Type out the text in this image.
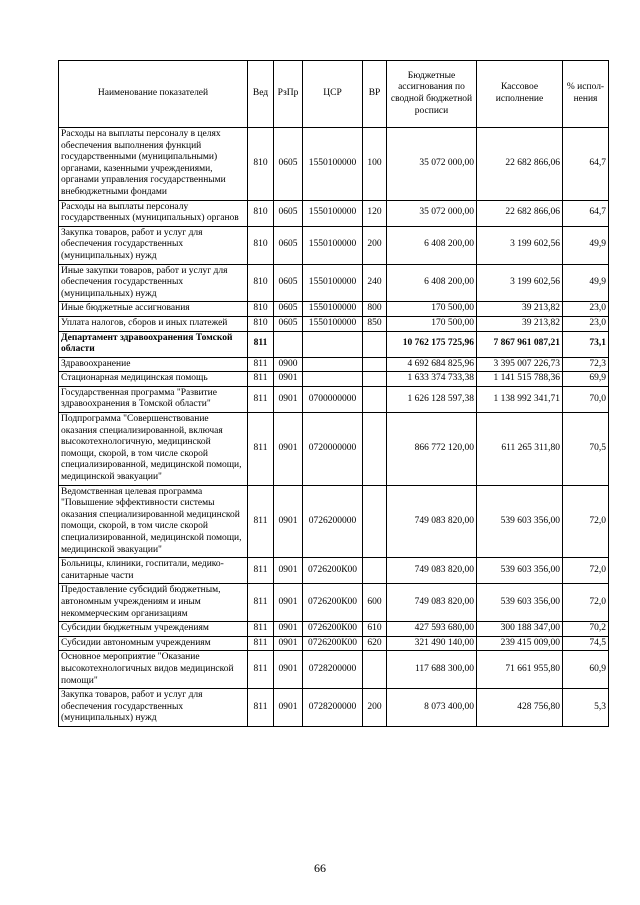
Наименование показателей	Вед	РзПр	ЦСР	ВР	Бюджетные ассигнования по сводной бюджетной росписи	Кассовое исполнение	% испол-нения
Расходы на выплаты персоналу в целях обеспечения выполнения функций государственными (муниципальными) органами, казенными учреждениями, органами управления государственными внебюджетными фондами	810	0605	1550100000	100	35 072 000,00	22 682 866,06	64,7
Расходы на выплаты персоналу государственных (муниципальных) органов	810	0605	1550100000	120	35 072 000,00	22 682 866,06	64,7
Закупка товаров, работ и услуг для обеспечения государственных (муниципальных) нужд	810	0605	1550100000	200	6 408 200,00	3 199 602,56	49,9
Иные закупки товаров, работ и услуг для обеспечения государственных (муниципальных) нужд	810	0605	1550100000	240	6 408 200,00	3 199 602,56	49,9
Иные бюджетные ассигнования	810	0605	1550100000	800	170 500,00	39 213,82	23,0
Уплата налогов, сборов и иных платежей	810	0605	1550100000	850	170 500,00	39 213,82	23,0
Департамент здравоохранения Томской области	811				10 762 175 725,96	7 867 961 087,21	73,1
Здравоохранение	811	0900			4 692 684 825,96	3 395 007 226,73	72,3
Стационарная медицинская помощь	811	0901			1 633 374 733,38	1 141 515 788,36	69,9
Государственная программа "Развитие здравоохранения в Томской области"	811	0901	0700000000		1 626 128 597,38	1 138 992 341,71	70,0
Подпрограмма "Совершенствование оказания специализированной, включая высокотехнологичную, медицинской помощи, скорой, в том числе скорой специализированной, медицинской помощи, медицинской эвакуации"	811	0901	0720000000		866 772 120,00	611 265 311,80	70,5
Ведомственная целевая программа "Повышение эффективности системы оказания специализированной медицинской помощи, скорой, в том числе скорой специализированной, медицинской помощи, медицинской эвакуации"	811	0901	0726200000		749 083 820,00	539 603 356,00	72,0
Больницы, клиники, госпитали, медико-санитарные части	811	0901	0726200К00		749 083 820,00	539 603 356,00	72,0
Предоставление субсидий бюджетным, автономным учреждениям и иным некоммерческим организациям	811	0901	0726200К00	600	749 083 820,00	539 603 356,00	72,0
Субсидии бюджетным учреждениям	811	0901	0726200К00	610	427 593 680,00	300 188 347,00	70,2
Субсидии автономным учреждениям	811	0901	0726200К00	620	321 490 140,00	239 415 009,00	74,5
Основное мероприятие "Оказание высокотехнологичных видов медицинской помощи"	811	0901	0728200000		117 688 300,00	71 661 955,80	60,9
Закупка товаров, работ и услуг для обеспечения государственных (муниципальных) нужд	811	0901	0728200000	200	8 073 400,00	428 756,80	5,3
66
